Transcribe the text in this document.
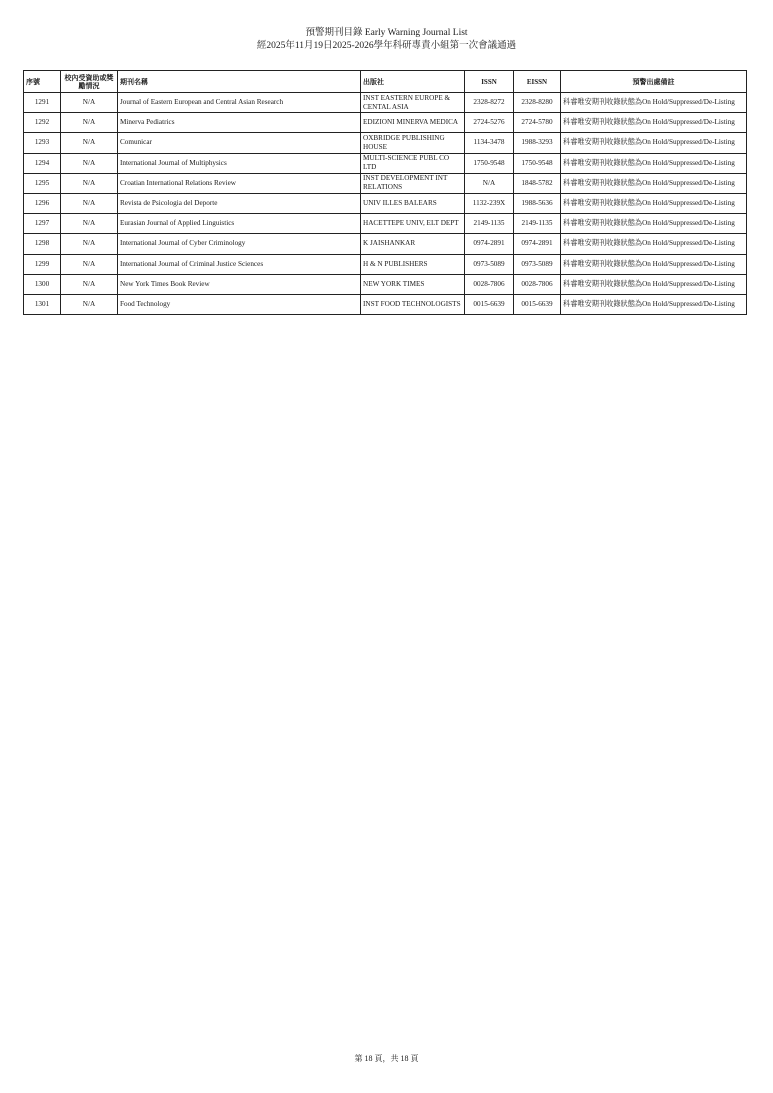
預警期刊目錄 Early Warning Journal List
經2025年11月19日2025-2026學年科研專責小組第一次會議通過
序號	校內受資助或獎勵情況	期刊名稱	出版社	ISSN	EISSN	預警出處備註
1291	N/A	Journal of Eastern European and Central Asian Research	INST EASTERN EUROPE & CENTAL ASIA	2328-8272	2328-8280	科睿唯安期刊收錄狀態為On Hold/Suppressed/De-Listing
1292	N/A	Minerva Pediatrics	EDIZIONI MINERVA MEDICA	2724-5276	2724-5780	科睿唯安期刊收錄狀態為On Hold/Suppressed/De-Listing
1293	N/A	Comunicar	OXBRIDGE PUBLISHING HOUSE	1134-3478	1988-3293	科睿唯安期刊收錄狀態為On Hold/Suppressed/De-Listing
1294	N/A	International Journal of Multiphysics	MULTI-SCIENCE PUBL CO LTD	1750-9548	1750-9548	科睿唯安期刊收錄狀態為On Hold/Suppressed/De-Listing
1295	N/A	Croatian International Relations Review	INST DEVELOPMENT INT RELATIONS	N/A	1848-5782	科睿唯安期刊收錄狀態為On Hold/Suppressed/De-Listing
1296	N/A	Revista de Psicologia del Deporte	UNIV ILLES BALEARS	1132-239X	1988-5636	科睿唯安期刊收錄狀態為On Hold/Suppressed/De-Listing
1297	N/A	Eurasian Journal of Applied Linguistics	HACETTEPE UNIV, ELT DEPT	2149-1135	2149-1135	科睿唯安期刊收錄狀態為On Hold/Suppressed/De-Listing
1298	N/A	International Journal of Cyber Criminology	K JAISHANKAR	0974-2891	0974-2891	科睿唯安期刊收錄狀態為On Hold/Suppressed/De-Listing
1299	N/A	International Journal of Criminal Justice Sciences	H & N PUBLISHERS	0973-5089	0973-5089	科睿唯安期刊收錄狀態為On Hold/Suppressed/De-Listing
1300	N/A	New York Times Book Review	NEW YORK TIMES	0028-7806	0028-7806	科睿唯安期刊收錄狀態為On Hold/Suppressed/De-Listing
1301	N/A	Food Technology	INST FOOD TECHNOLOGISTS	0015-6639	0015-6639	科睿唯安期刊收錄狀態為On Hold/Suppressed/De-Listing
第 18 頁，共 18 頁
